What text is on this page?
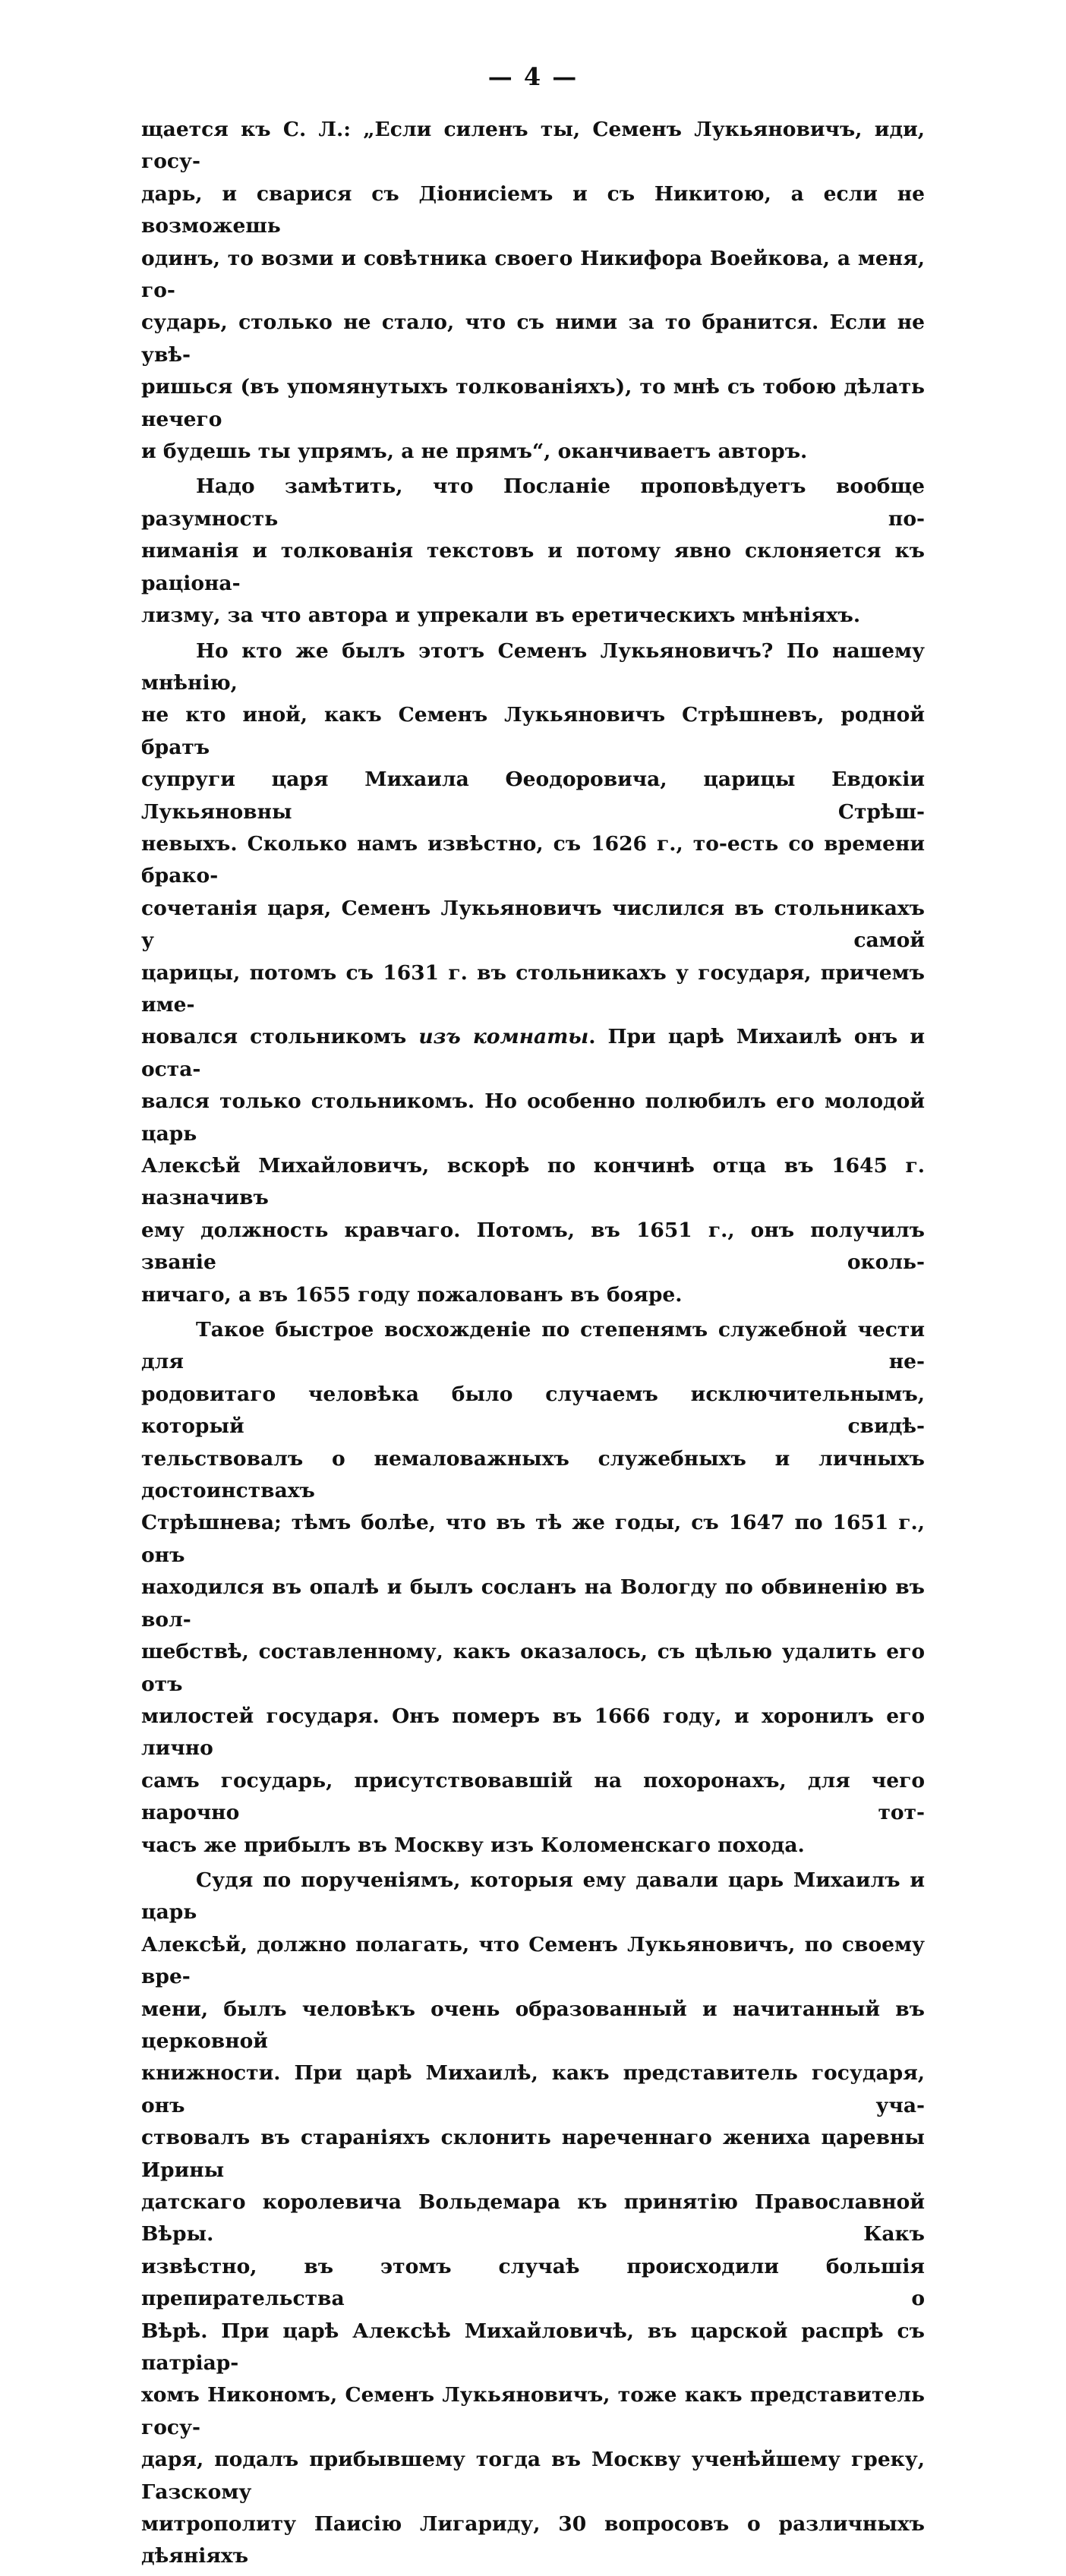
— 4 —

щается къ С. Л.: „Если силенъ ты, Семенъ Лукьяновичъ, иди, госу-
дарь, и сварися съ Діонисіемъ и съ Никитою, а если не возможешь
одинъ, то возми и совѣтника своего Никифора Воейкова, а меня, го-
сударь, столько не стало, что съ ними за то бранится. Если не увѣ-
ришься (въ упомянутыхъ толкованіяхъ), то мнѣ съ тобою дѣлать нечего
и будешь ты упрямъ, а не прямъ“, оканчиваетъ авторъ.

Надо замѣтить, что Посланіе проповѣдуетъ вообще разумность по-
ниманія и толкованія текстовъ и потому явно склоняется къ раціона-
лизму, за что автора и упрекали въ еретическихъ мнѣніяхъ.

Но кто же былъ этотъ Семенъ Лукьяновичъ? По нашему мнѣнію,
не кто иной, какъ Семенъ Лукьяновичъ Стрѣшневъ, родной братъ
супруги царя Михаила Өеодоровича, царицы Евдокіи Лукьяновны Стрѣш-
невыхъ. Сколько намъ извѣстно, съ 1626 г., то-есть со времени брако-
сочетанія царя, Семенъ Лукьяновичъ числился въ стольникахъ у самой
царицы, потомъ съ 1631 г. въ стольникахъ у государя, причемъ име-
новался стольникомъ изъ комнаты. При царѣ Михаилѣ онъ и оста-
вался только стольникомъ. Но особенно полюбилъ его молодой царь
Алексѣй Михайловичъ, вскорѣ по кончинѣ отца въ 1645 г. назначивъ
ему должность кравчаго. Потомъ, въ 1651 г., онъ получилъ званіе околь-
ничаго, а въ 1655 году пожалованъ въ бояре.

Такое быстрое восхожденіе по степенямъ служебной чести для не-
родовитаго человѣка было случаемъ исключительнымъ, который свидѣ-
тельствовалъ о немаловажныхъ служебныхъ и личныхъ достоинствахъ
Стрѣшнева; тѣмъ болѣе, что въ тѣ же годы, съ 1647 по 1651 г., онъ
находился въ опалѣ и былъ сосланъ на Вологду по обвиненію въ вол-
шебствѣ, составленному, какъ оказалось, съ цѣлью удалить его отъ
милостей государя. Онъ померъ въ 1666 году, и хоронилъ его лично
самъ государь, присутствовавшій на похоронахъ, для чего нарочно тот-
часъ же прибылъ въ Москву изъ Коломенскаго похода.

Судя по порученіямъ, которыя ему давали царь Михаилъ и царь
Алексѣй, должно полагать, что Семенъ Лукьяновичъ, по своему вре-
мени, былъ человѣкъ очень образованный и начитанный въ церковной
книжности. При царѣ Михаилѣ, какъ представитель государя, онъ уча-
ствовалъ въ стараніяхъ склонить нареченнаго жениха царевны Ирины
датскаго королевича Вольдемара къ принятію Православной Вѣры. Какъ
извѣстно, въ этомъ случаѣ происходили большія препирательства о
Вѣрѣ. При царѣ Алексѣѣ Михайловичѣ, въ царской распрѣ съ патріар-
хомъ Никономъ, Семенъ Лукьяновичъ, тоже какъ представитель госу-
даря, подалъ прибывшему тогда въ Москву ученѣйшему греку, Газскому
митрополиту Паисію Лигариду, 30 вопросовъ о различныхъ дѣяніяхъ
